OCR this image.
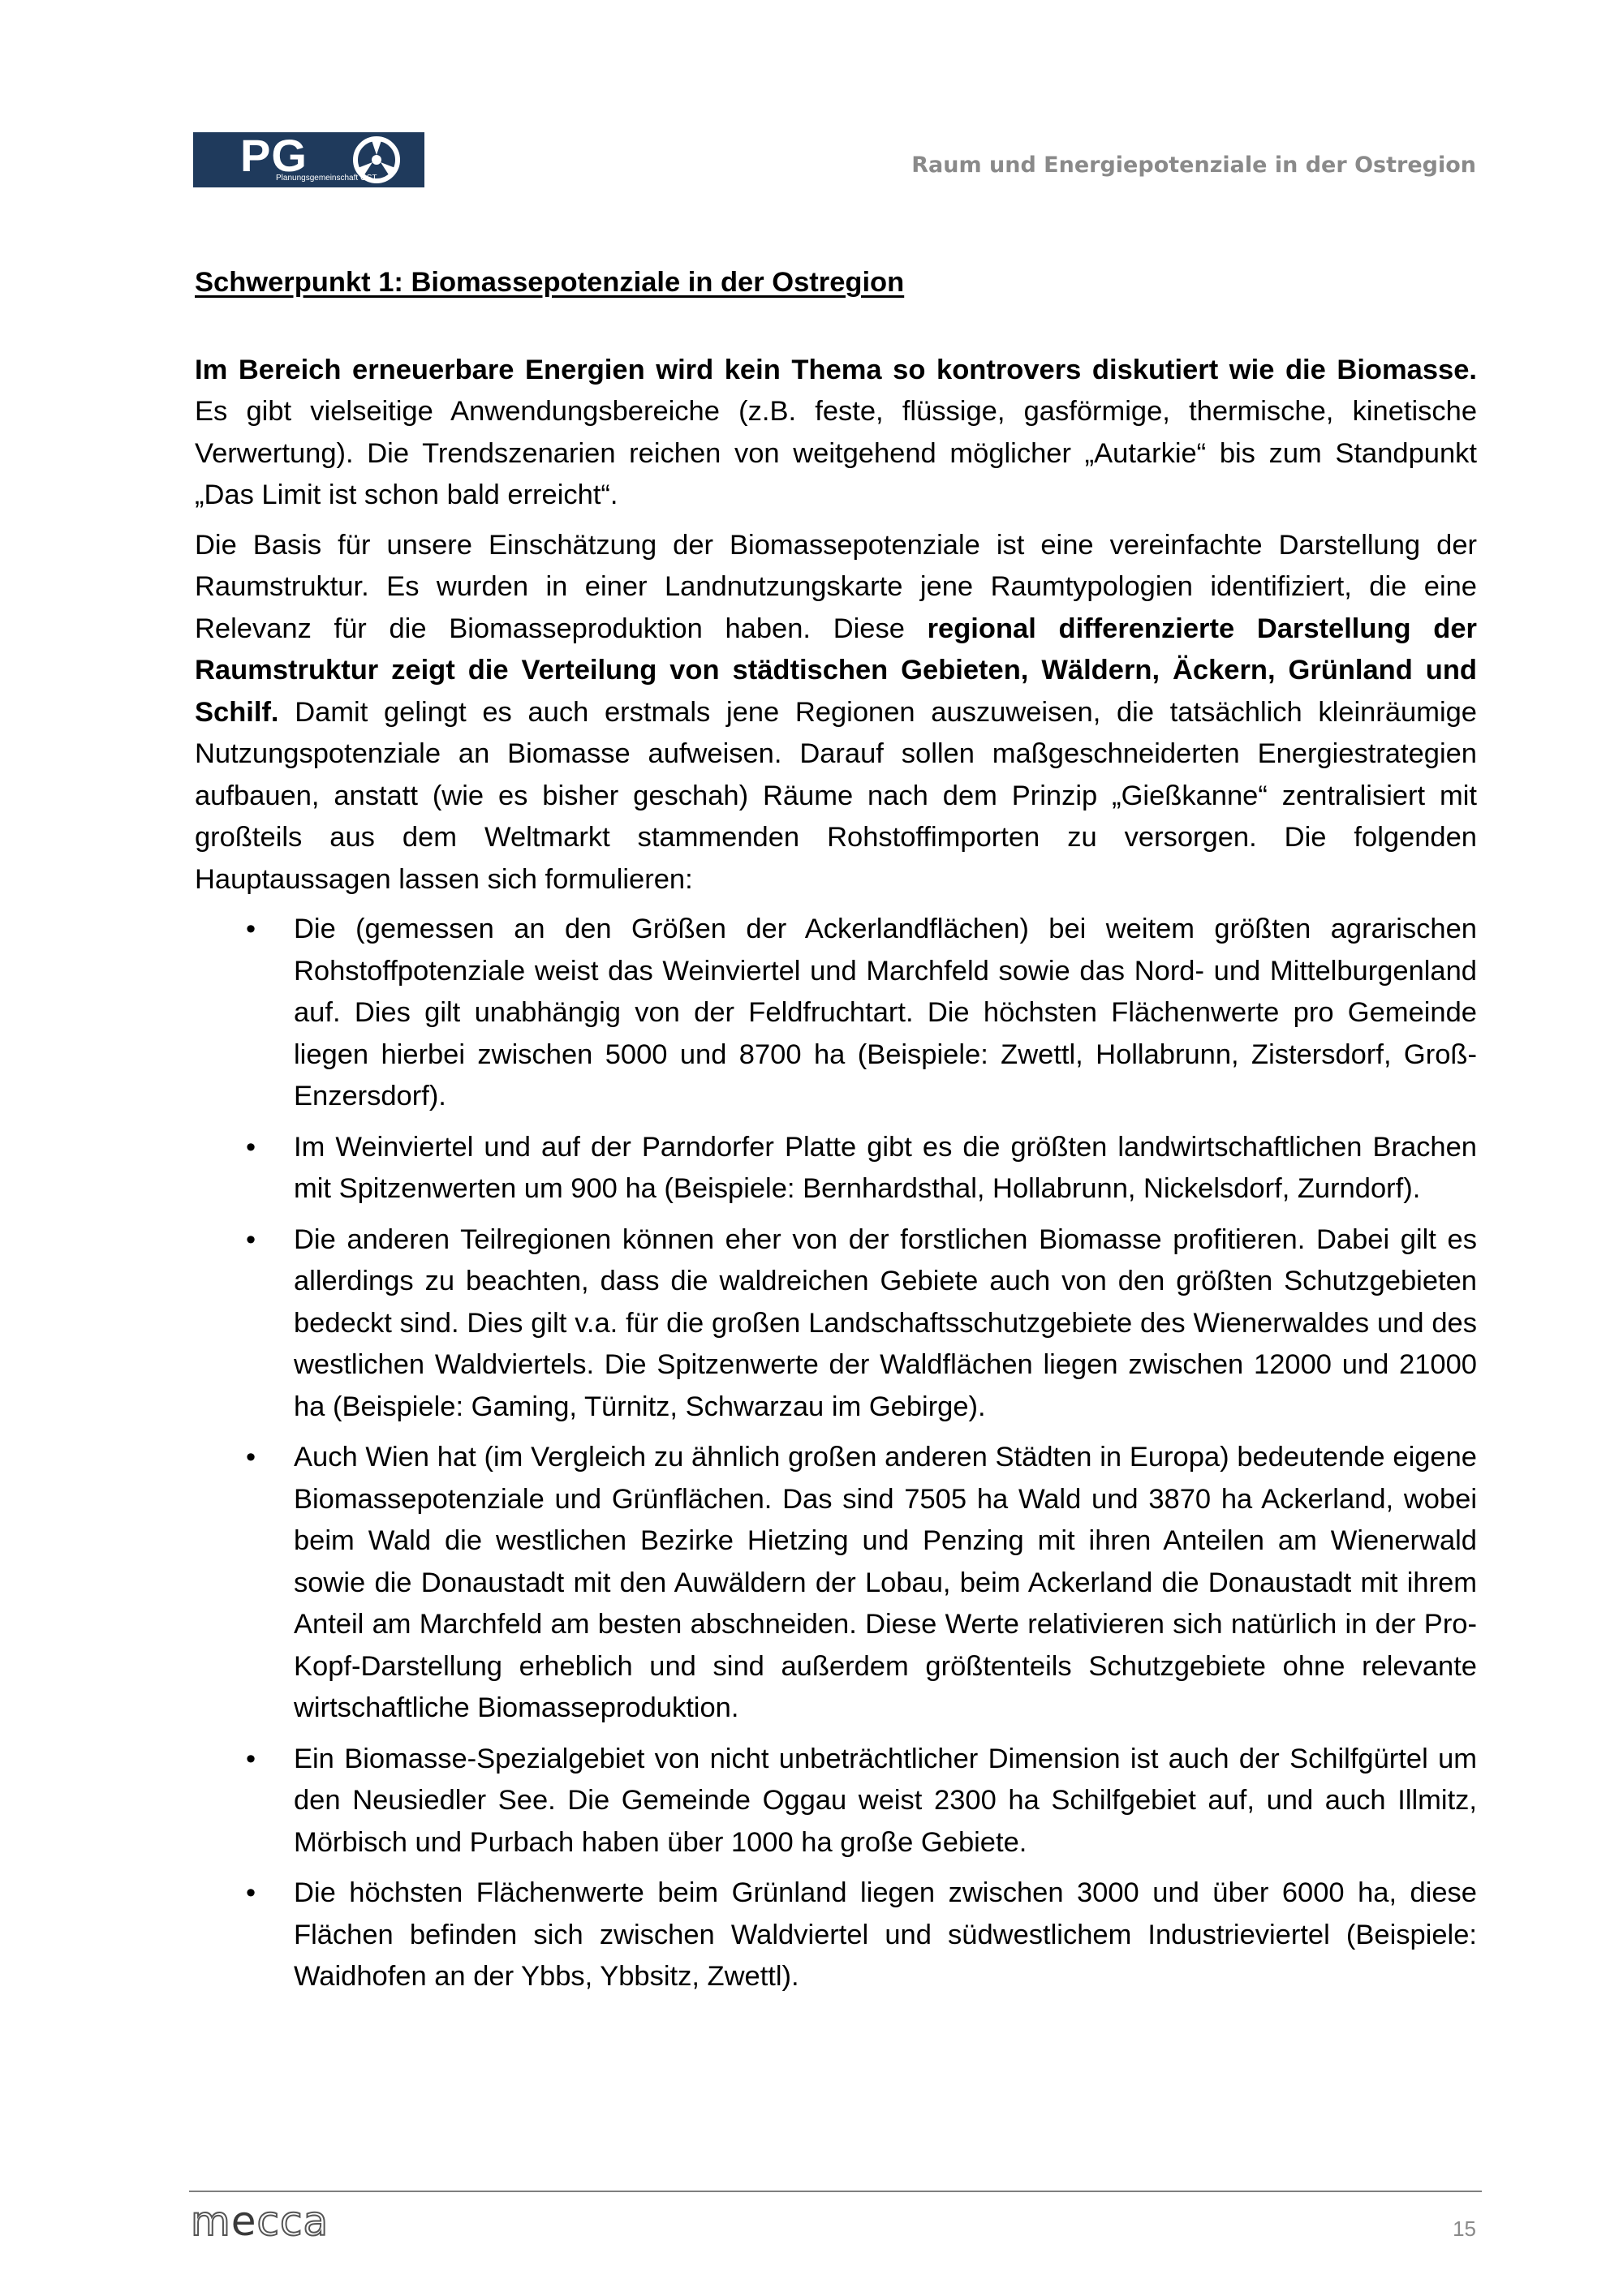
PG
Planungsgemeinschaft OST
Raum und Energiepotenziale in der Ostregion
Schwerpunkt 1: Biomassepotenziale in der Ostregion

Im Bereich erneuerbare Energien wird kein Thema so kontrovers diskutiert wie die Biomasse. Es gibt vielseitige Anwendungsbereiche (z.B. feste, flüssige, gasförmige, thermische, kinetische Verwertung). Die Trendszenarien reichen von weitgehend möglicher „Autarkie“ bis zum Standpunkt „Das Limit ist schon bald erreicht“.

Die Basis für unsere Einschätzung der Biomassepotenziale ist eine vereinfachte Darstellung der Raumstruktur. Es wurden in einer Landnutzungskarte jene Raumtypologien identifiziert, die eine Relevanz für die Biomasseproduktion haben. Diese regional differenzierte Darstellung der Raumstruktur zeigt die Verteilung von städtischen Gebieten, Wäldern, Äckern, Grünland und Schilf. Damit gelingt es auch erstmals jene Regionen auszuweisen, die tatsächlich kleinräumige Nutzungspotenziale an Biomasse aufweisen. Darauf sollen maßgeschneiderten Energiestrategien aufbauen, anstatt (wie es bisher geschah) Räume nach dem Prinzip „Gießkanne“ zentralisiert mit großteils aus dem Weltmarkt stammenden Rohstoffimporten zu versorgen. Die folgenden Hauptaussagen lassen sich formulieren:

• Die (gemessen an den Größen der Ackerlandflächen) bei weitem größten agrarischen Rohstoffpotenziale weist das Weinviertel und Marchfeld sowie das Nord- und Mittelburgenland auf. Dies gilt unabhängig von der Feldfruchtart. Die höchsten Flächenwerte pro Gemeinde liegen hierbei zwischen 5000 und 8700 ha (Beispiele: Zwettl, Hollabrunn, Zistersdorf, Groß-Enzersdorf).
• Im Weinviertel und auf der Parndorfer Platte gibt es die größten landwirtschaftlichen Brachen mit Spitzenwerten um 900 ha (Beispiele: Bernhardsthal, Hollabrunn, Nickelsdorf, Zurndorf).
• Die anderen Teilregionen können eher von der forstlichen Biomasse profitieren. Dabei gilt es allerdings zu beachten, dass die waldreichen Gebiete auch von den größten Schutzgebieten bedeckt sind. Dies gilt v.a. für die großen Landschaftsschutzgebiete des Wienerwaldes und des westlichen Waldviertels. Die Spitzenwerte der Waldflächen liegen zwischen 12000 und 21000 ha (Beispiele: Gaming, Türnitz, Schwarzau im Gebirge).
• Auch Wien hat (im Vergleich zu ähnlich großen anderen Städten in Europa) bedeutende eigene Biomassepotenziale und Grünflächen. Das sind 7505 ha Wald und 3870 ha Ackerland, wobei beim Wald die westlichen Bezirke Hietzing und Penzing mit ihren Anteilen am Wienerwald sowie die Donaustadt mit den Auwäldern der Lobau, beim Ackerland die Donaustadt mit ihrem Anteil am Marchfeld am besten abschneiden. Diese Werte relativieren sich natürlich in der Pro-Kopf-Darstellung erheblich und sind außerdem größtenteils Schutzgebiete ohne relevante wirtschaftliche Biomasseproduktion.
• Ein Biomasse-Spezialgebiet von nicht unbeträchtlicher Dimension ist auch der Schilfgürtel um den Neusiedler See. Die Gemeinde Oggau weist 2300 ha Schilfgebiet auf, und auch Illmitz, Mörbisch und Purbach haben über 1000 ha große Gebiete.
• Die höchsten Flächenwerte beim Grünland liegen zwischen 3000 und über 6000 ha, diese Flächen befinden sich zwischen Waldviertel und südwestlichem Industrieviertel (Beispiele: Waidhofen an der Ybbs, Ybbsitz, Zwettl).
mecca	15
